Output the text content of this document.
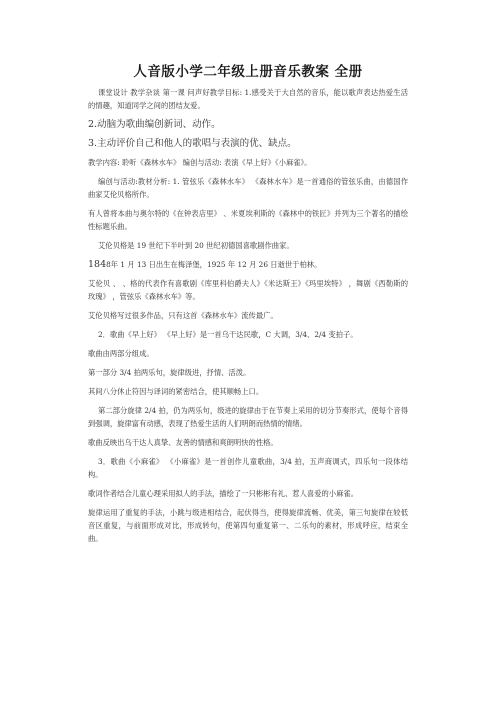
人音版小学二年级上册音乐教案 全册

课堂设计 教学杂谈 第一课 问声好教学目标: 1.感受关于大自然的音乐，能以歌声表达热爱生活的情趣，知道同学之间的团结友爱。

2.动脑为歌曲编创新词、动作。

3.主动评价自己和他人的歌唱与表演的优、缺点。

教学内容: 聆听《森林水车》 编创与活动: 表演《早上好》《小麻雀》。

编创与活动:教材分析: 1. 管弦乐《森林水车》 《森林水车》是一首通俗的管弦乐曲，由德国作曲家艾伦贝格所作。

有人曾将本曲与奥尔特的《在钟表店里》 、米夏埃利斯的《森林中的铁匠》并列为三个著名的描绘性标题乐曲。

艾伦贝格是 19 世纪下半叶到 20 世纪初德国喜歌剧作曲家。

1848年 1 月 13 日出生在梅泽堡，1925 年 12 月 26 日逝世于柏林。

艾伦贝 、 、格的代表作有喜歌剧《库里科伯爵夫人》《米达斯王》《玛里埃特》 ，舞剧《西勒斯的玫瑰》 ，管弦乐《森林水车》等。

艾伦贝格写过很多作品，只有这首《森林水车》流传最广。

2．歌曲《早上好》 《早上好》是一首乌干达民歌，C 大调，3/4、2/4 变拍子。

歌曲由两部分组成。

第一部分 3/4 拍两乐句，旋律级进，抒情、活泼。

其间八分休止符因与译词的紧密结合，使其顺畅上口。

第二部分旋律 2/4 拍，仍为两乐句，级进的旋律由于在节奏上采用的切分节奏形式，使每个音得到强调，旋律富有动感，表现了热爱生活的人们明朗而热情的情绪。

歌曲反映出乌干达人真挚、友善的情感和爽朗明快的性格。

3．歌曲《小麻雀》 《小麻雀》是一首创作儿童歌曲，3/4 拍，五声商调式，四乐句一段体结构。

歌词作者结合儿童心理采用拟人的手法，描绘了一只彬彬有礼、惹人喜爱的小麻雀。

旋律运用了重复的手法，小跳与级进相结合，起伏得当，使得旋律流畅、优美，第三句旋律在较低音区重复，与前面形成对比，形成转句，使第四句重复第一、二乐句的素材，形成呼应，结束全曲。
